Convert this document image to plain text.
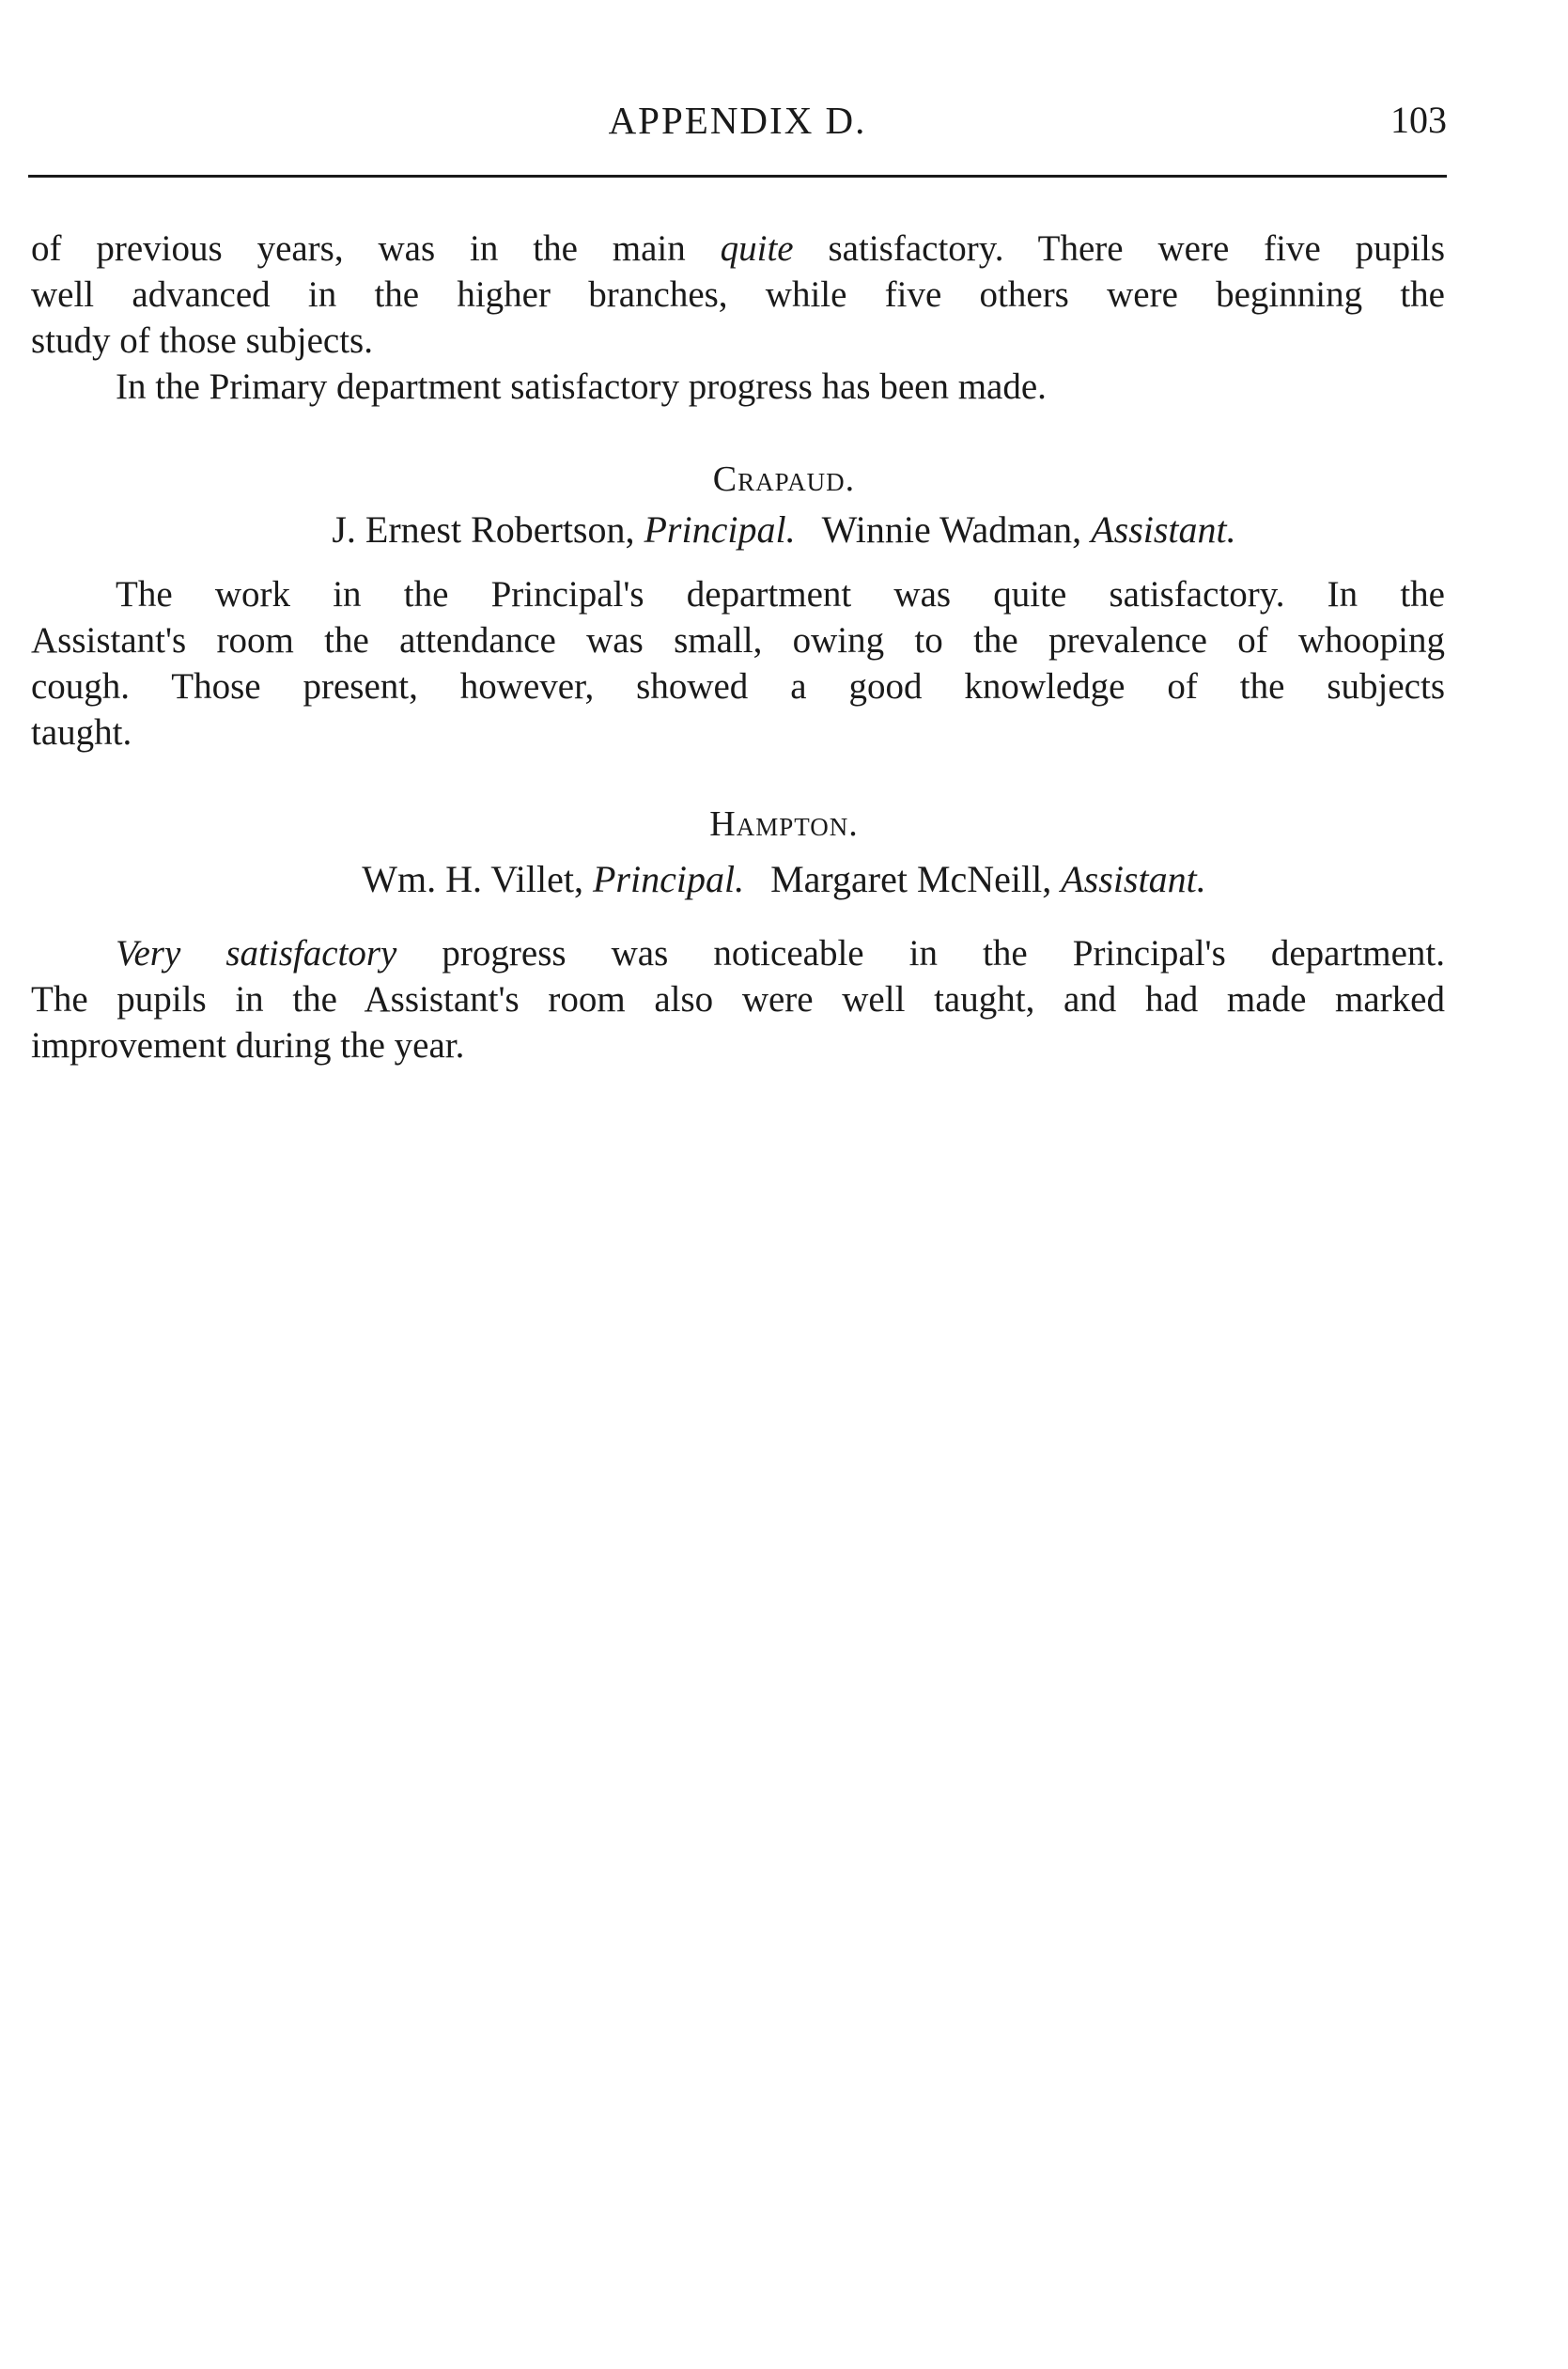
APPENDIX D.	103
of previous years, was in the main quite satisfactory. There were five pupils
well advanced in the higher branches, while five others were beginning the
study of those subjects.
In the Primary department satisfactory progress has been made.
Crapaud.
J. Ernest Robertson, Principal. Winnie Wadman, Assistant.
The work in the Principal's department was quite satisfactory. In the
Assistant's room the attendance was small, owing to the prevalence of whooping
cough. Those present, however, showed a good knowledge of the subjects
taught.
Hampton.
Wm. H. Villet, Principal. Margaret McNeill, Assistant.
Very satisfactory progress was noticeable in the Principal's department.
The pupils in the Assistant's room also were well taught, and had made marked
improvement during the year.
